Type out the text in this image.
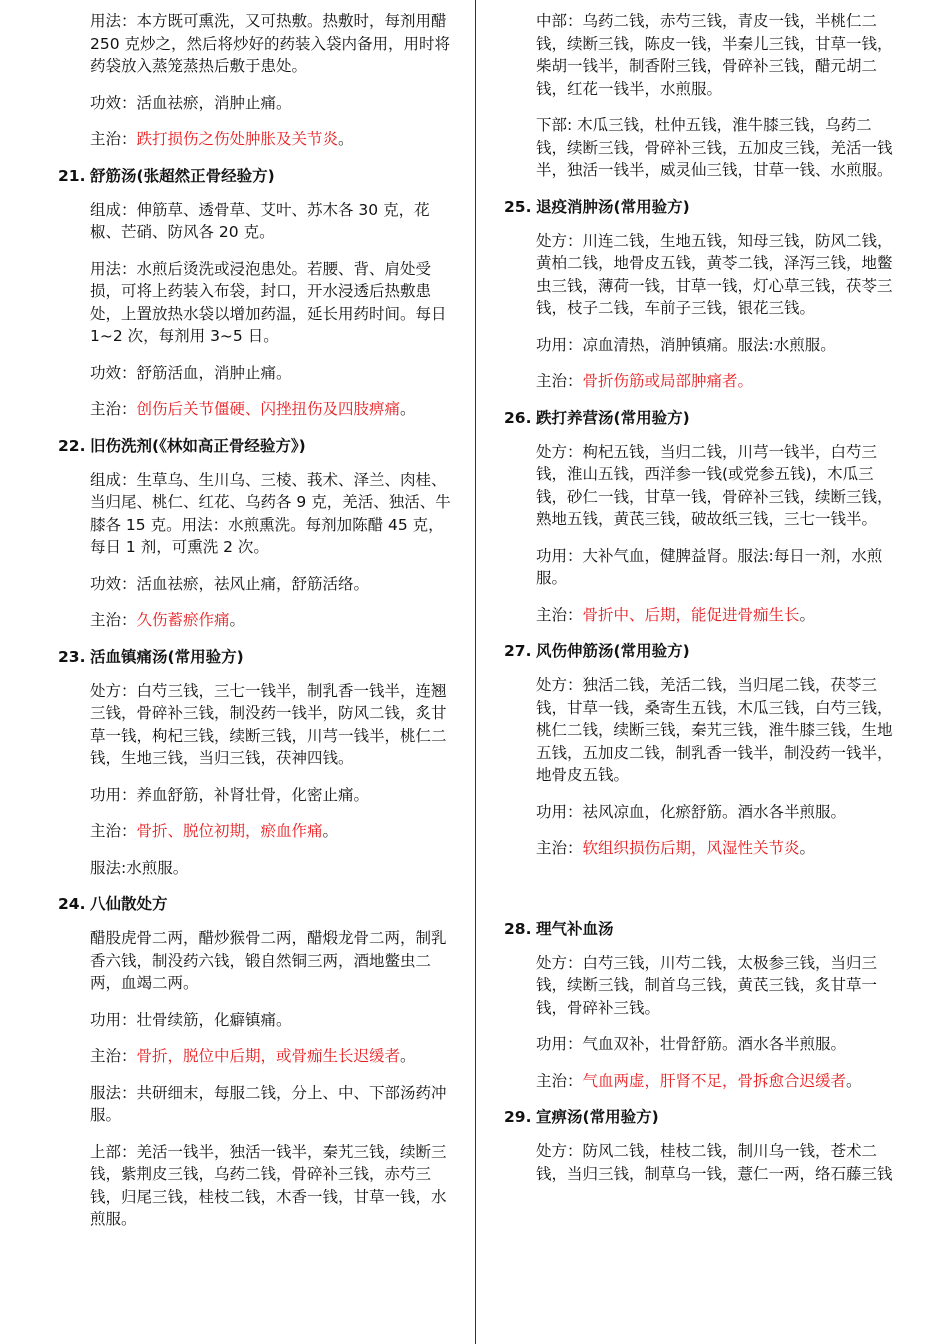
用法：本方既可熏洗，又可热敷。热敷时，每剂用醋 250 克炒之，然后将炒好的药装入袋内备用，用时将药袋放入蒸笼蒸热后敷于患处。
功效：活血祛瘀，消肿止痛。
主治：跌打损伤之伤处肿胀及关节炎。
21. 舒筋汤(张超然正骨经验方)
组成：伸筋草、透骨草、艾叶、苏木各 30 克，花椒、芒硝、防风各 20 克。
用法：水煎后烫洗或浸泡患处。若腰、背、肩处受损，可将上药装入布袋，封口，开水浸透后热敷患处，上置放热水袋以增加药温，延长用药时间。每日 1~2 次，每剂用 3~5 日。
功效：舒筋活血，消肿止痛。
主治：创伤后关节僵硬、闪挫扭伤及四肢痹痛。
22. 旧伤洗剂(《林如高正骨经验方》)
组成：生草乌、生川乌、三棱、莪术、泽兰、肉桂、当归尾、桃仁、红花、乌药各 9 克，羌活、独活、牛膝各 15 克。用法：水煎熏洗。每剂加陈醋 45 克，每日 1 剂，可熏洗 2 次。
功效：活血祛瘀，祛风止痛，舒筋活络。
主治：久伤蓄瘀作痛。
23. 活血镇痛汤(常用验方)
处方：白芍三钱，三七一钱半，制乳香一钱半，连翘三钱，骨碎补三钱，制没药一钱半，防风二钱，炙甘草一钱，枸杞三钱，续断三钱，川芎一钱半，桃仁二钱，生地三钱，当归三钱，茯神四钱。
功用：养血舒筋，补肾壮骨，化密止痛。
主治：骨折、脱位初期，瘀血作痛。
服法:水煎服。
24. 八仙散处方
醋股虎骨二两，醋炒猴骨二两，醋煅龙骨二两，制乳香六钱，制没药六钱，锻自然铜三两，酒地鳖虫二两，血竭二两。
功用：壮骨续筋，化癖镇痛。
主治：骨折，脱位中后期，或骨痂生长迟缓者。
服法：共研细末，每服二钱，分上、中、下部汤药冲服。
上部：羌活一钱半，独活一钱半，秦艽三钱，续断三钱，紫荆皮三钱，乌药二钱，骨碎补三钱，赤芍三钱，归尾三钱，桂枝二钱，木香一钱，甘草一钱，水煎服。
中部：乌药二钱，赤芍三钱，青皮一钱，半桃仁二钱，续断三钱，陈皮一钱，半秦儿三钱，甘草一钱，柴胡一钱半，制香附三钱，骨碎补三钱，醋元胡二钱，红花一钱半，水煎服。
下部: 木瓜三钱，杜仲五钱，淮牛膝三钱，乌药二钱，续断三钱，骨碎补三钱，五加皮三钱，羌活一钱半，独活一钱半，威灵仙三钱，甘草一钱、水煎服。
25. 退疫消肿汤(常用验方)
处方：川连二钱，生地五钱，知母三钱，防风二钱，黄柏二钱，地骨皮五钱，黄苓二钱，泽泻三钱，地鳖虫三钱，薄荷一钱，甘草一钱，灯心草三钱，茯苓三钱，枝子二钱，车前子三钱，银花三钱。
功用：凉血清热，消肿镇痛。服法:水煎服。
主治：骨折伤筋或局部肿痛者。
26. 跌打养营汤(常用验方)
处方：枸杞五钱，当归二钱，川芎一钱半，白芍三钱，淮山五钱，西洋参一钱(或党参五钱)，木瓜三钱，砂仁一钱，甘草一钱，骨碎补三钱，续断三钱，熟地五钱，黄芪三钱，破故纸三钱，三七一钱半。
功用：大补气血，健脾益肾。服法:每日一剂，水煎服。
主治：骨折中、后期，能促进骨痂生长。
27. 风伤伸筋汤(常用验方)
处方：独活二钱，羌活二钱，当归尾二钱，茯苓三钱，甘草一钱，桑寄生五钱，木瓜三钱，白芍三钱，桃仁二钱，续断三钱，秦艽三钱，淮牛膝三钱，生地五钱，五加皮二钱，制乳香一钱半，制没药一钱半，地骨皮五钱。
功用：祛风凉血，化瘀舒筋。酒水各半煎服。
主治：软组织损伤后期，风湿性关节炎。
28. 理气补血汤
处方：白芍三钱，川芍二钱，太极参三钱，当归三钱，续断三钱，制首乌三钱，黄芪三钱，炙甘草一钱，骨碎补三钱。
功用：气血双补，壮骨舒筋。酒水各半煎服。
主治：气血两虚，肝肾不足，骨拆愈合迟缓者。
29. 宣痹汤(常用验方)
处方：防风二钱，桂枝二钱，制川乌一钱，苍术二钱，当归三钱，制草乌一钱，薏仁一两，络石藤三钱
